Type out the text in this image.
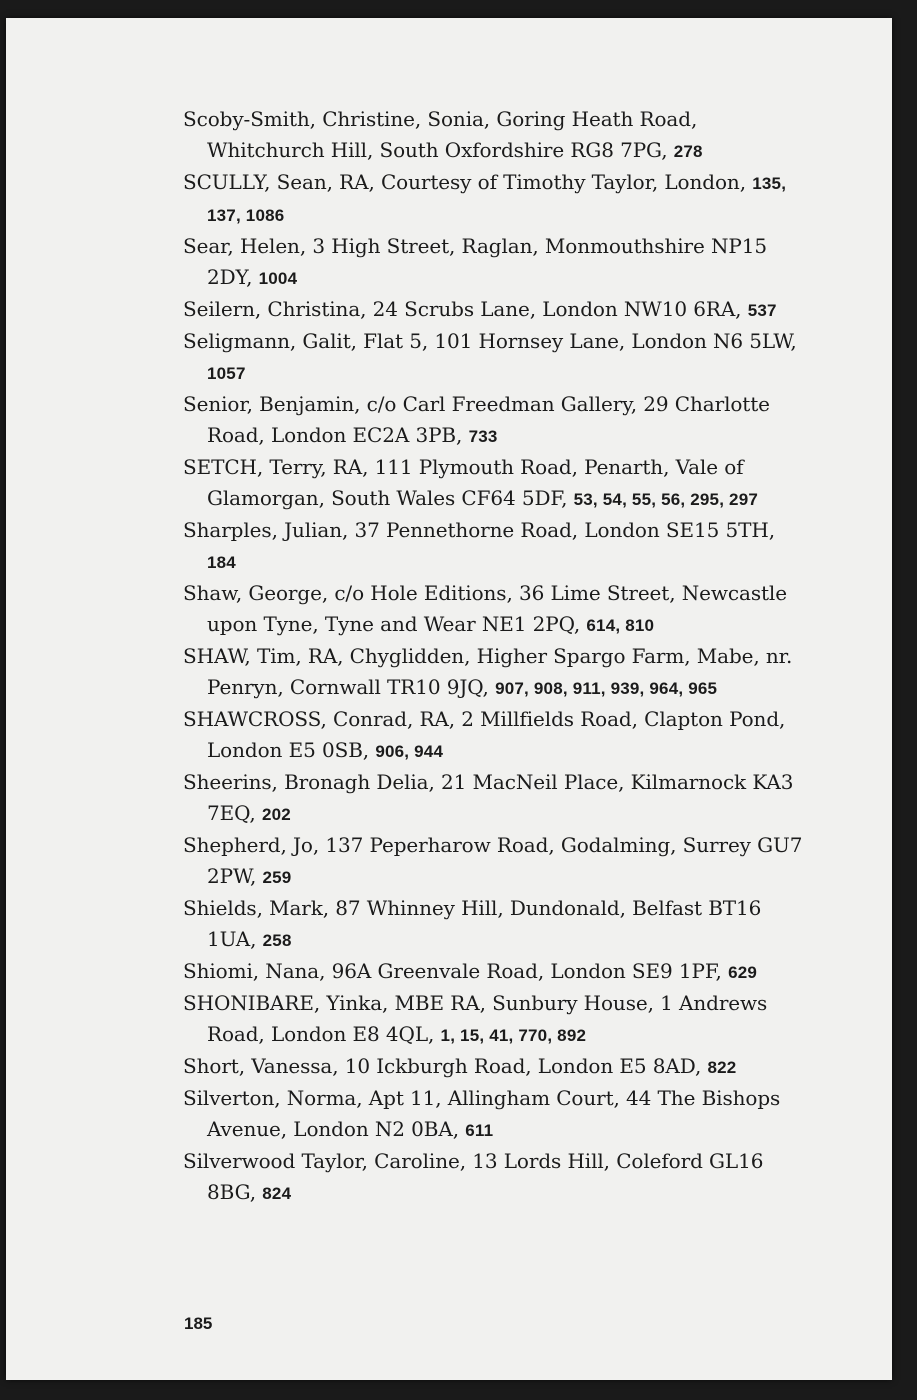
Scoby-Smith, Christine, Sonia, Goring Heath Road, Whitchurch Hill, South Oxfordshire RG8 7PG, 278

SCULLY, Sean, RA, Courtesy of Timothy Taylor, London, 135, 137, 1086

Sear, Helen, 3 High Street, Raglan, Monmouthshire NP15 2DY, 1004

Seilern, Christina, 24 Scrubs Lane, London NW10 6RA, 537

Seligmann, Galit, Flat 5, 101 Hornsey Lane, London N6 5LW, 1057

Senior, Benjamin, c/o Carl Freedman Gallery, 29 Charlotte Road, London EC2A 3PB, 733

SETCH, Terry, RA, 111 Plymouth Road, Penarth, Vale of Glamorgan, South Wales CF64 5DF, 53, 54, 55, 56, 295, 297

Sharples, Julian, 37 Pennethorne Road, London SE15 5TH, 184

Shaw, George, c/o Hole Editions, 36 Lime Street, Newcastle upon Tyne, Tyne and Wear NE1 2PQ, 614, 810

SHAW, Tim, RA, Chyglidden, Higher Spargo Farm, Mabe, nr. Penryn, Cornwall TR10 9JQ, 907, 908, 911, 939, 964, 965

SHAWCROSS, Conrad, RA, 2 Millfields Road, Clapton Pond, London E5 0SB, 906, 944

Sheerins, Bronagh Delia, 21 MacNeil Place, Kilmarnock KA3 7EQ, 202

Shepherd, Jo, 137 Peperharow Road, Godalming, Surrey GU7 2PW, 259

Shields, Mark, 87 Whinney Hill, Dundonald, Belfast BT16 1UA, 258

Shiomi, Nana, 96A Greenvale Road, London SE9 1PF, 629

SHONIBARE, Yinka, MBE RA, Sunbury House, 1 Andrews Road, London E8 4QL, 1, 15, 41, 770, 892

Short, Vanessa, 10 Ickburgh Road, London E5 8AD, 822

Silverton, Norma, Apt 11, Allingham Court, 44 The Bishops Avenue, London N2 0BA, 611

Silverwood Taylor, Caroline, 13 Lords Hill, Coleford GL16 8BG, 824

185
